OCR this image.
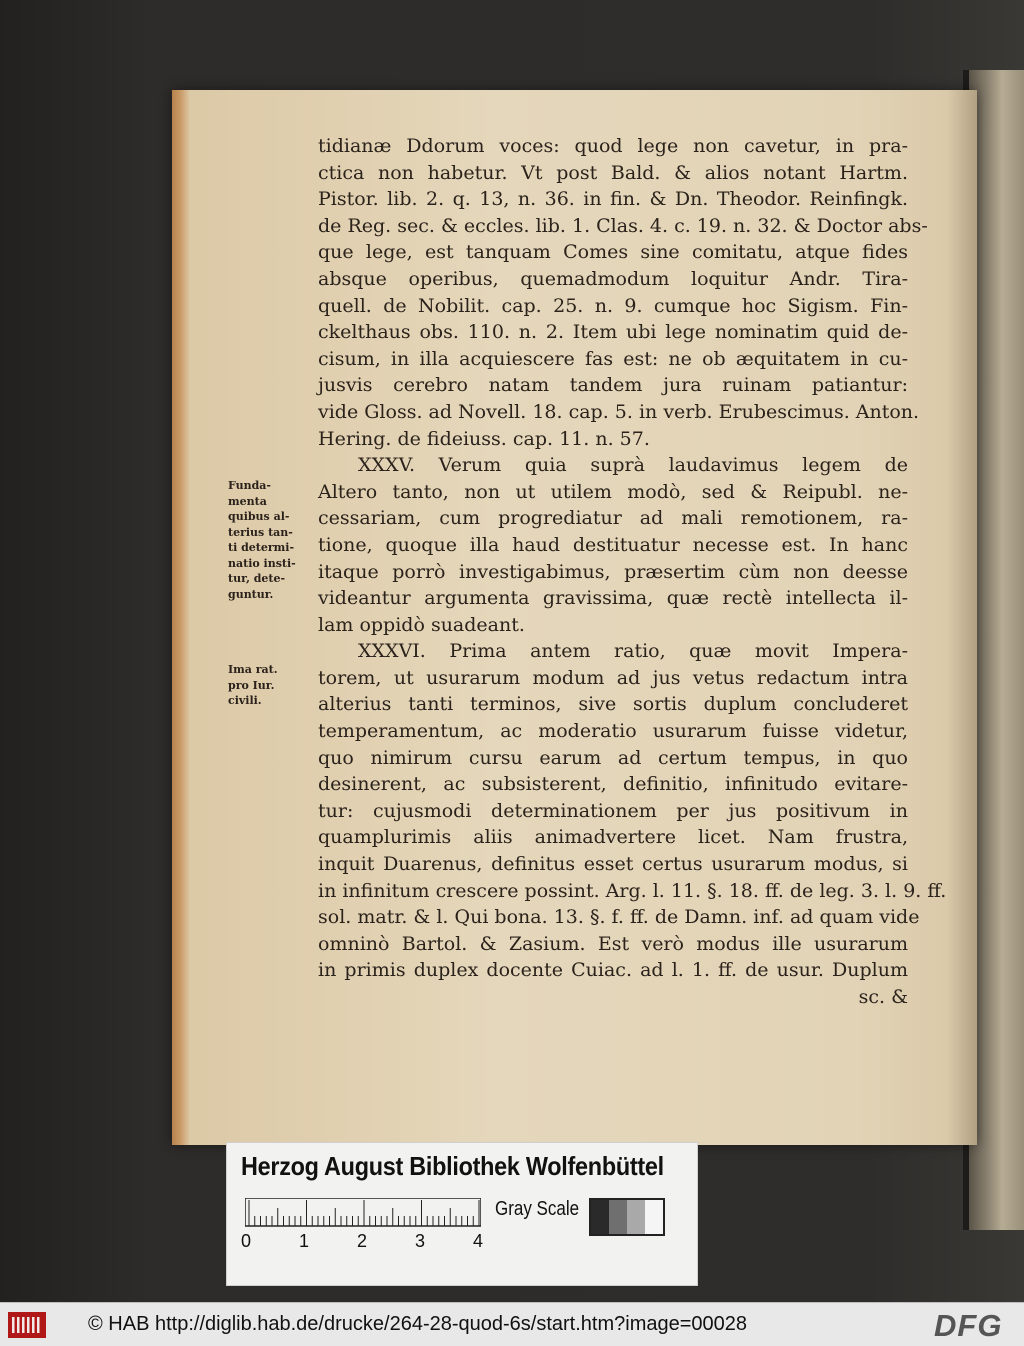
tidianæ Ddorum voces: quod lege non cavetur, in pra-
ctica non habetur. Vt post Bald. & alios notant Hartm.
Pistor. lib. 2. q. 13, n. 36. in fin. & Dn. Theodor. Reinfingk.
de Reg. sec. & eccles. lib. 1. Clas. 4. c. 19. n. 32. & Doctor abs-
que lege, est tanquam Comes sine comitatu, atque fides
absque operibus, quemadmodum loquitur Andr. Tira-
quell. de Nobilit. cap. 25. n. 9. cumque hoc Sigism. Fin-
ckelthaus obs. 110. n. 2. Item ubi lege nominatim quid de-
cisum, in illa acquiescere fas est: ne ob æquitatem in cu-
jusvis cerebro natam tandem jura ruinam patiantur:
vide Gloss. ad Novell. 18. cap. 5. in verb. Erubescimus. Anton.
Hering. de fideiuss. cap. 11. n. 57.
XXXV. Verum quia suprà laudavimus legem de
Altero tanto, non ut utilem modò, sed & Reipubl. ne-
cessariam, cum progrediatur ad mali remotionem, ra-
tione, quoque illa haud destituatur necesse est. In hanc
itaque porrò investigabimus, præsertim cùm non deesse
videantur argumenta gravissima, quæ rectè intellecta il-
lam oppidò suadeant.
XXXVI. Prima antem ratio, quæ movit Impera-
torem, ut usurarum modum ad jus vetus redactum intra
alterius tanti terminos, sive sortis duplum concluderet
temperamentum, ac moderatio usurarum fuisse videtur,
quo nimirum cursu earum ad certum tempus, in quo
desinerent, ac subsisterent, definitio, infinitudo evitare-
tur: cujusmodi determinationem per jus positivum in
quamplurimis aliis animadvertere licet. Nam frustra,
inquit Duarenus, definitus esset certus usurarum modus, si
in infinitum crescere possint. Arg. l. 11. §. 18. ff. de leg. 3. l. 9. ff.
sol. matr. & l. Qui bona. 13. §. f. ff. de Damn. inf. ad quam vide
omninò Bartol. & Zasium. Est verò modus ille usurarum
in primis duplex docente Cuiac. ad l. 1. ff. de usur. Duplum
sc. &
Funda-
menta
quibus al-
terius tan-
ti determi-
natio insti-
tur, dete-
guntur.
Ima rat.
pro Iur.
civili.
Herzog August Bibliothek Wolfenbüttel
0	1	2	3	4
Gray Scale
© HAB http://diglib.hab.de/drucke/264-28-quod-6s/start.htm?image=00028	DFG
